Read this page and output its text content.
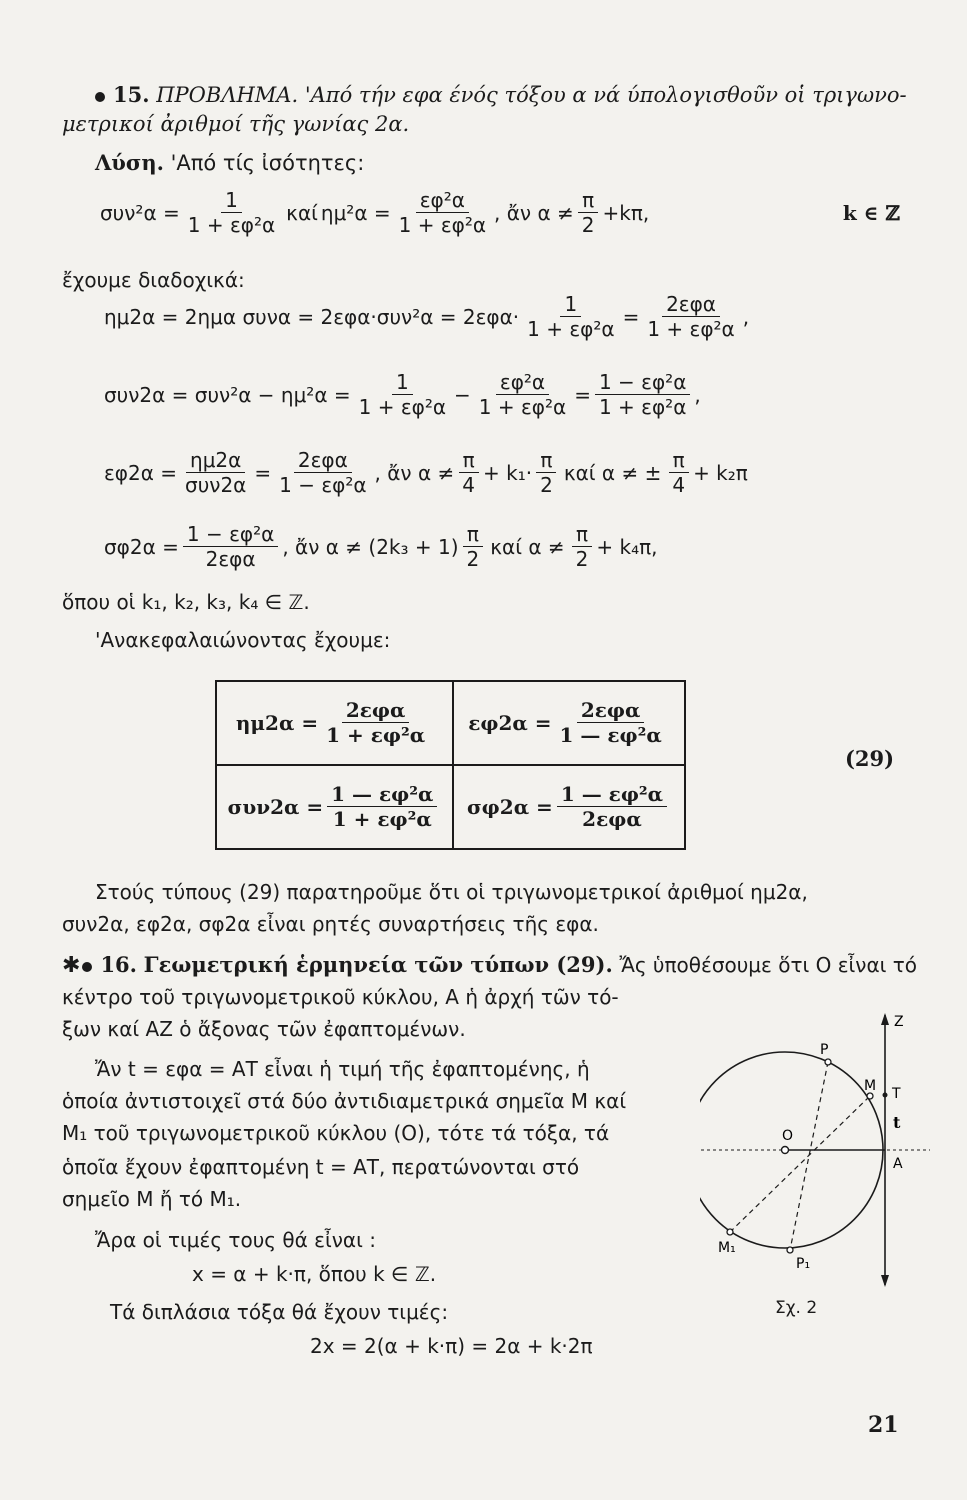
15. ΠΡΟΒΛΗΜΑ. 'Από τήν εφα ένός τόξου α νά ύπολογισθοῦν οἱ τριγωνο-
μετρικοί ἀριθμοί τῆς γωνίας 2α.
Λύση. 'Από τίς ἰσότητες:
$\sigma\upsilon\nu^2\alpha = \frac{1}{\text{1 + εφ²α}}$ καί $\eta\mu^2\alpha = \frac{\text{εφ²α}}{\text{1 + εφ²α}}$ , ἄν $\alpha \ne \frac{\pi}{2} +k\pi$,	k ∈ ℤ
ἔχουμε διαδοχικά:
ημ2α = 2ημα $\sigma\upsilon\nu\alpha = 2\varepsilon\varphi\alpha\cdot\sigma\upsilon\nu^2\alpha = 2\varepsilon\varphi\alpha\cdot \frac{1}{\text{1 + εφ²α}} = \frac{\text{2εφα}}{\text{1 + εφ²α}}$ ,
$\sigma\upsilon\nu 2\alpha = \sigma\upsilon\nu^2\alpha - \eta\mu^2\alpha = \frac{1}{\text{1 + εφ²α}} - \frac{\text{εφ²α}}{\text{1 + εφ²α}} = \frac{\text{1 − εφ²α}}{\text{1 + εφ²α}}$ ,
$\varepsilon\varphi 2\alpha = \frac{\eta\mu 2\alpha}{\text{συν2α}} = \frac{\text{2εφα}}{\text{1 − εφ²α}}$ , ἄν $\alpha \ne \frac{\pi}{4} + k_1\cdot \frac{\pi}{2}$ καί α ≠ ± $\frac{\pi}{4} + k_2\pi$
$\sigma\varphi 2\alpha = \frac{\text{1 − εφ²α}}{\text{2εφα}}$ , ἄν $\alpha \ne (2k_3 + 1) \frac{\pi}{2}$ καί $\alpha \ne \frac{\pi}{2} + k_4\pi$,
ὅπου οἱ k₁, k₂, k₃, k₄ ∈ ℤ.
'Ανακεφαλαιώνοντας ἔχουμε:
$\eta\mu 2\alpha = \frac{\text{2εφα}}{\text{1 + εφ²α}}$	$\varepsilon\varphi 2\alpha = \frac{\text{2εφα}}{\text{1 — εφ²α}}$

$\sigma\upsilon\nu 2\alpha = \frac{\text{1 — εφ²α}}{\text{1 + εφ²α}}$	$\sigma\varphi 2\alpha = \frac{\text{1 — εφ²α}}{\text{2εφα}}$
(29)
Στούς τύπους (29) παρατηροῦμε ὅτι οἱ τριγωνομετρικοί ἀριθμοί ημ2α,
συν2α, εφ2α, σφ2α εἶναι ρητές συναρτήσεις τῆς εφα.
✱ 16. Γεωμετρική ἑρμηνεία τῶν τύπων (29). Ἄς ὑποθέσουμε ὅτι Ο εἶναι τό
κέντρο τοῦ τριγωνομετρικοῦ κύκλου, Α ἡ ἀρχή τῶν τό-
ξων καί ΑΖ ὁ ἄξονας τῶν ἐφαπτομένων.
Ἄν t = εφα = ΑΤ εἶναι ἡ τιμή τῆς ἐφαπτομένης, ἡ
ὁποία ἀντιστοιχεῖ στά δύο ἀντιδιαμετρικά σημεῖα Μ καί
Μ₁ τοῦ τριγωνομετρικοῦ κύκλου (Ο), τότε τά τόξα, τά
ὁποῖα ἔχουν ἐφαπτομένη t = ΑΤ, περατώνονται στό
σημεῖο Μ ἤ τό Μ₁.
Ἄρα οἱ τιμές τους θά εἶναι :
x = α + k·π, ὅπου k ∈ ℤ.
Τά διπλάσια τόξα θά ἔχουν τιμές:
2x = 2(α + k·π) = 2α + k·2π
Z
P
M T
t
O
A
M₁
P₁
Σχ. 2
21
